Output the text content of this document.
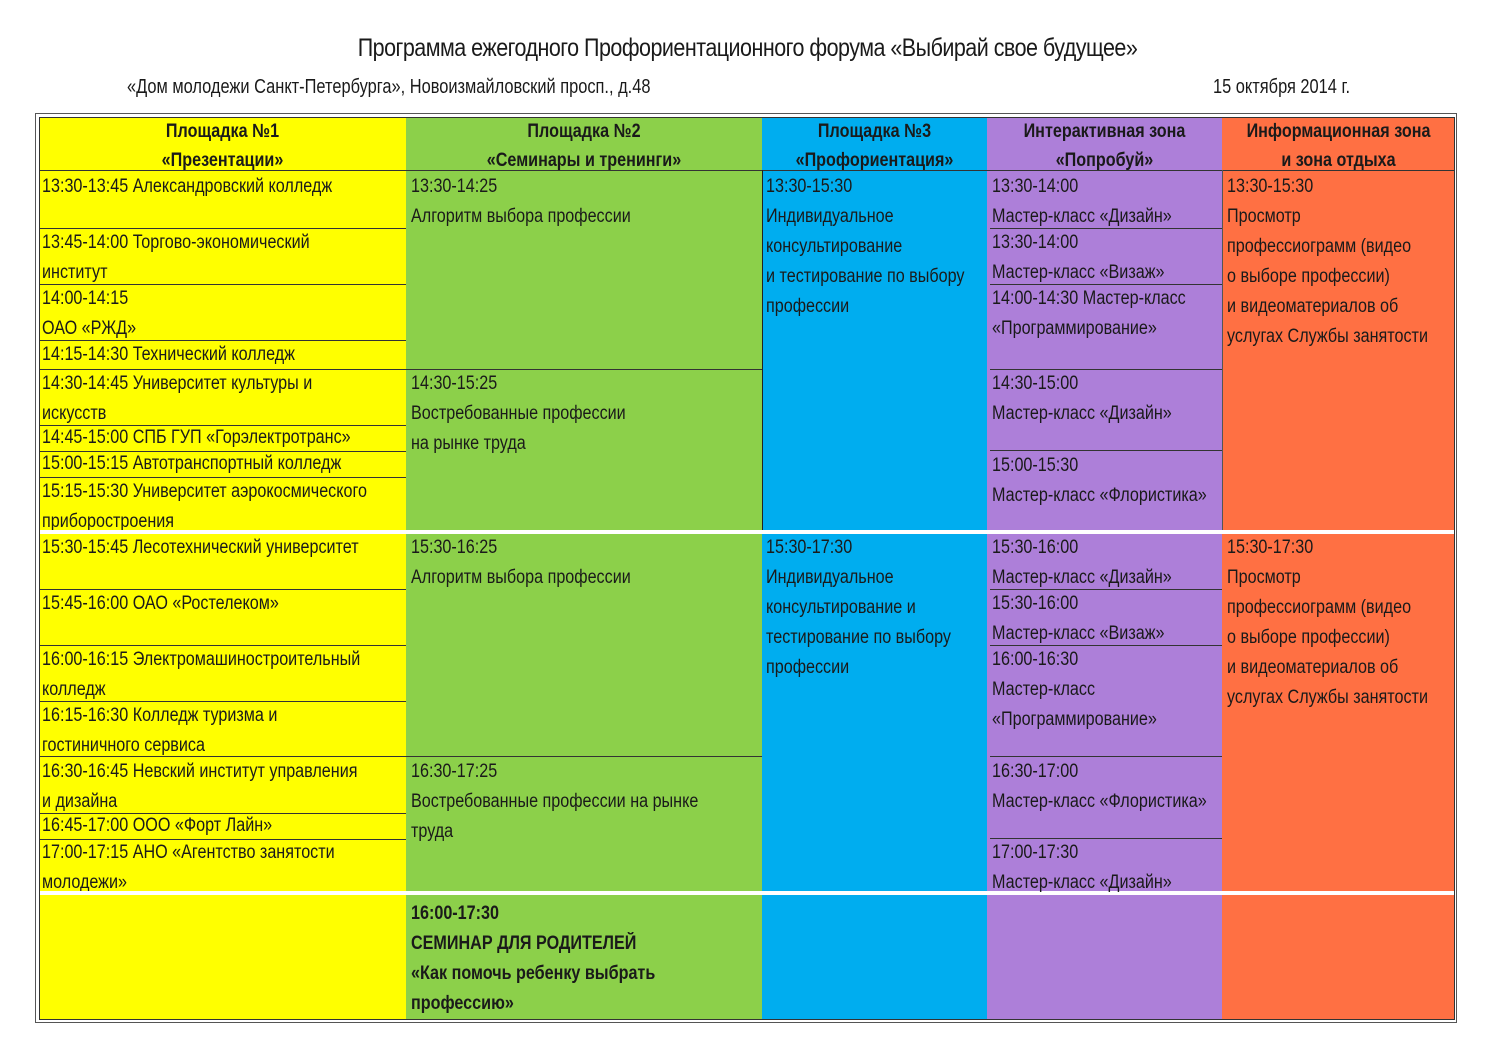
Программа ежегодного Профориентационного форума «Выбирай свое будущее»
«Дом молодежи Санкт-Петербурга», Новоизмайловский просп., д.48	15 октября 2014 г.
Площадка №1
«Презентации»
Площадка №2
«Семинары и тренинги»
Площадка №3
«Профориентация»
Интерактивная зона
«Попробуй»
Информационная зона
и зона отдыха
13:30-13:45 Александровский колледж
13:45-14:00 Торгово-экономический
институт
14:00-14:15
ОАО «РЖД»
14:15-14:30 Технический колледж
14:30-14:45 Университет культуры и
искусств
14:45-15:00 СПБ ГУП «Горэлектротранс»
15:00-15:15 Автотранспортный колледж
15:15-15:30 Университет аэрокосмического
приборостроения
15:30-15:45 Лесотехнический университет
15:45-16:00 ОАО «Ростелеком»
16:00-16:15 Электромашиностроительный
колледж
16:15-16:30 Колледж туризма и
гостиничного сервиса
16:30-16:45 Невский институт управления
и дизайна
16:45-17:00 ООО «Форт Лайн»
17:00-17:15 АНО «Агентство занятости
молодежи»
13:30-14:25
Алгоритм выбора профессии
14:30-15:25
Востребованные профессии
на рынке труда
15:30-16:25
Алгоритм выбора профессии
16:30-17:25
Востребованные профессии на рынке
труда
16:00-17:30
СЕМИНАР ДЛЯ РОДИТЕЛЕЙ
«Как помочь ребенку выбрать
профессию»
13:30-15:30
Индивидуальное
консультирование
и тестирование по выбору
профессии
15:30-17:30
Индивидуальное
консультирование и
тестирование по выбору
профессии
13:30-14:00
Мастер-класс «Дизайн»
13:30-14:00
Мастер-класс «Визаж»
14:00-14:30 Мастер-класс
«Программирование»
14:30-15:00
Мастер-класс «Дизайн»
15:00-15:30
Мастер-класс «Флористика»
15:30-16:00
Мастер-класс «Дизайн»
15:30-16:00
Мастер-класс «Визаж»
16:00-16:30
Мастер-класс
«Программирование»
16:30-17:00
Мастер-класс «Флористика»
17:00-17:30
Мастер-класс «Дизайн»
13:30-15:30
Просмотр
профессиограмм (видео
о выборе профессии)
и видеоматериалов об
услугах Службы занятости
15:30-17:30
Просмотр
профессиограмм (видео
о выборе профессии)
и видеоматериалов об
услугах Службы занятости
